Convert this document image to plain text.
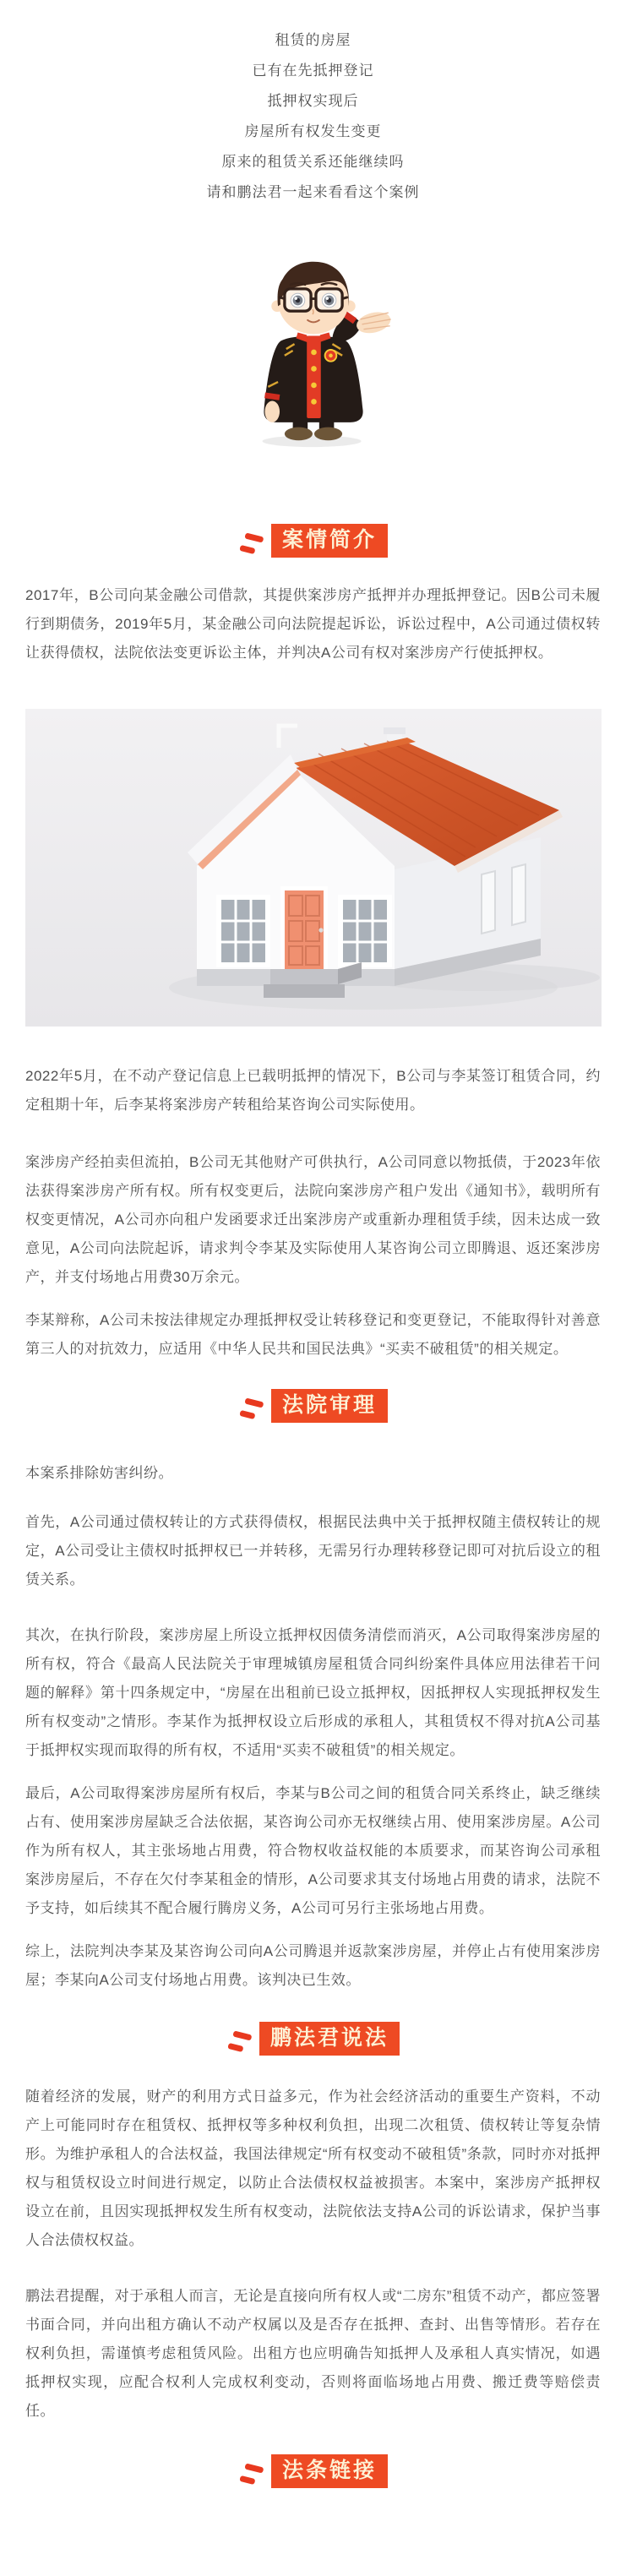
租赁的房屋

已有在先抵押登记

抵押权实现后

房屋所有权发生变更

原来的租赁关系还能继续吗

请和鹏法君一起来看看这个案例

案情简介

2017年，B公司向某金融公司借款，其提供案涉房产抵押并办理抵押登记。因B公司未履行到期债务，2019年5月，某金融公司向法院提起诉讼，诉讼过程中，A公司通过债权转让获得债权，法院依法变更诉讼主体，并判决A公司有权对案涉房产行使抵押权。

2022年5月，在不动产登记信息上已载明抵押的情况下，B公司与李某签订租赁合同，约定租期十年，后李某将案涉房产转租给某咨询公司实际使用。

案涉房产经拍卖但流拍，B公司无其他财产可供执行，A公司同意以物抵债，于2023年依法获得案涉房产所有权。所有权变更后，法院向案涉房产租户发出《通知书》，载明所有权变更情况，A公司亦向租户发函要求迁出案涉房产或重新办理租赁手续，因未达成一致意见，A公司向法院起诉，请求判令李某及实际使用人某咨询公司立即腾退、返还案涉房产，并支付场地占用费30万余元。

李某辩称，A公司未按法律规定办理抵押权受让转移登记和变更登记，不能取得针对善意第三人的对抗效力，应适用《中华人民共和国民法典》“买卖不破租赁”的相关规定。

法院审理

本案系排除妨害纠纷。

首先，A公司通过债权转让的方式获得债权，根据民法典中关于抵押权随主债权转让的规定，A公司受让主债权时抵押权已一并转移，无需另行办理转移登记即可对抗后设立的租赁关系。

其次，在执行阶段，案涉房屋上所设立抵押权因债务清偿而消灭，A公司取得案涉房屋的所有权，符合《最高人民法院关于审理城镇房屋租赁合同纠纷案件具体应用法律若干问题的解释》第十四条规定中，“房屋在出租前已设立抵押权，因抵押权人实现抵押权发生所有权变动”之情形。李某作为抵押权设立后形成的承租人，其租赁权不得对抗A公司基于抵押权实现而取得的所有权，不适用“买卖不破租赁”的相关规定。

最后，A公司取得案涉房屋所有权后，李某与B公司之间的租赁合同关系终止，缺乏继续占有、使用案涉房屋缺乏合法依据，某咨询公司亦无权继续占用、使用案涉房屋。A公司作为所有权人，其主张场地占用费，符合物权收益权能的本质要求，而某咨询公司承租案涉房屋后，不存在欠付李某租金的情形，A公司要求其支付场地占用费的请求，法院不予支持，如后续其不配合履行腾房义务，A公司可另行主张场地占用费。

综上，法院判决李某及某咨询公司向A公司腾退并返款案涉房屋，并停止占有使用案涉房屋；李某向A公司支付场地占用费。该判决已生效。

鹏法君说法

随着经济的发展，财产的利用方式日益多元，作为社会经济活动的重要生产资料，不动产上可能同时存在租赁权、抵押权等多种权利负担，出现二次租赁、债权转让等复杂情形。为维护承租人的合法权益，我国法律规定“所有权变动不破租赁”条款，同时亦对抵押权与租赁权设立时间进行规定，以防止合法债权权益被损害。本案中，案涉房产抵押权设立在前，且因实现抵押权发生所有权变动，法院依法支持A公司的诉讼请求，保护当事人合法债权权益。

鹏法君提醒，对于承租人而言，无论是直接向所有权人或“二房东”租赁不动产，都应签署书面合同，并向出租方确认不动产权属以及是否存在抵押、查封、出售等情形。若存在权利负担，需谨慎考虑租赁风险。出租方也应明确告知抵押人及承租人真实情况，如遇抵押权实现，应配合权利人完成权利变动，否则将面临场地占用费、搬迁费等赔偿责任。

法条链接
